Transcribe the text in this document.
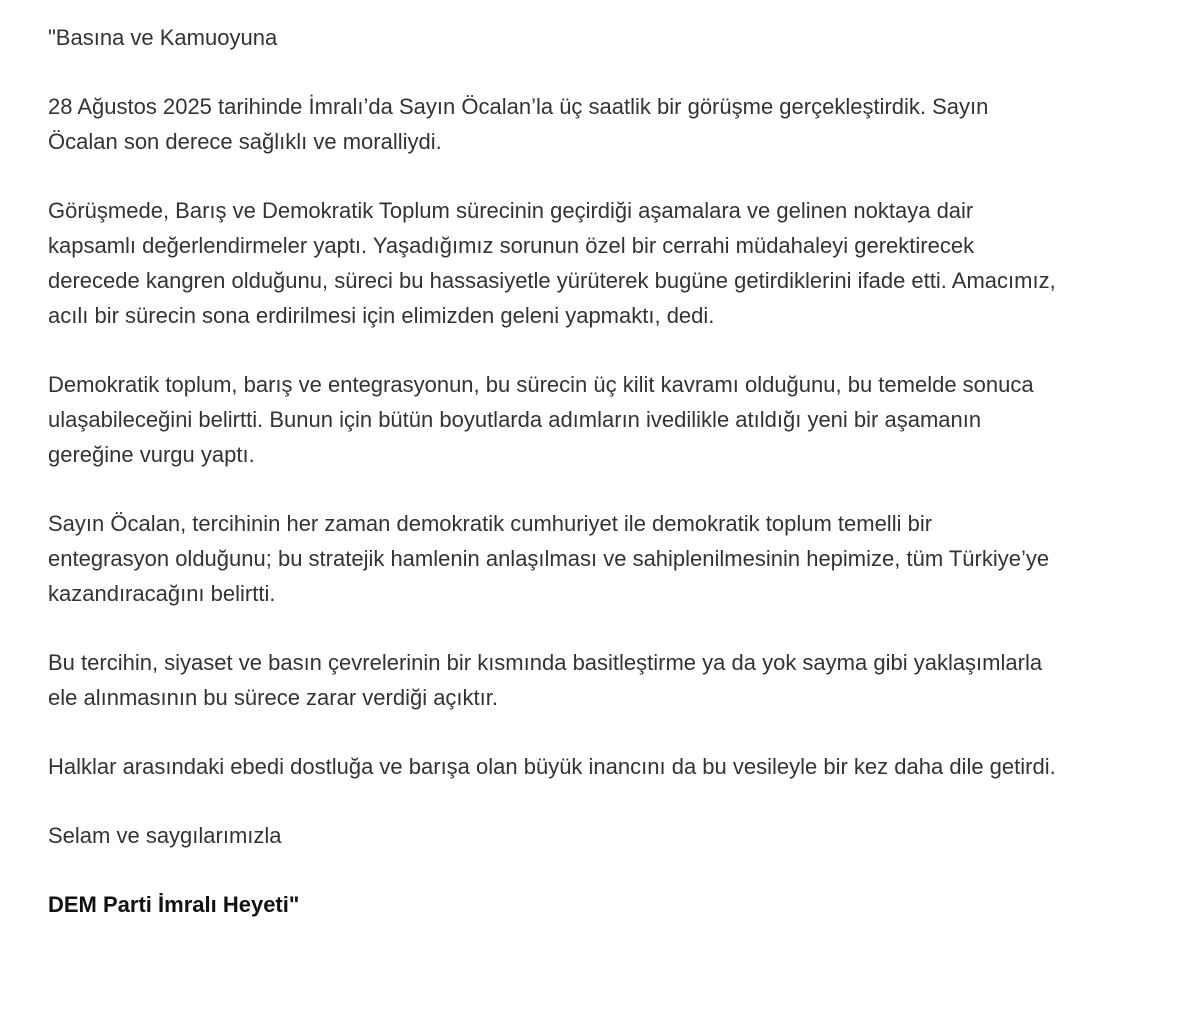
"Basına ve Kamuoyuna

28 Ağustos 2025 tarihinde İmralı’da Sayın Öcalan’la üç saatlik bir görüşme gerçekleştirdik. Sayın Öcalan son derece sağlıklı ve moralliydi.

Görüşmede, Barış ve Demokratik Toplum sürecinin geçirdiği aşamalara ve gelinen noktaya dair kapsamlı değerlendirmeler yaptı. Yaşadığımız sorunun özel bir cerrahi müdahaleyi gerektirecek derecede kangren olduğunu, süreci bu hassasiyetle yürüterek bugüne getirdiklerini ifade etti. Amacımız, acılı bir sürecin sona erdirilmesi için elimizden geleni yapmaktı, dedi.

Demokratik toplum, barış ve entegrasyonun, bu sürecin üç kilit kavramı olduğunu, bu temelde sonuca ulaşabileceğini belirtti. Bunun için bütün boyutlarda adımların ivedilikle atıldığı yeni bir aşamanın gereğine vurgu yaptı.

Sayın Öcalan, tercihinin her zaman demokratik cumhuriyet ile demokratik toplum temelli bir entegrasyon olduğunu; bu stratejik hamlenin anlaşılması ve sahiplenilmesinin hepimize, tüm Türkiye’ye kazandıracağını belirtti.

Bu tercihin, siyaset ve basın çevrelerinin bir kısmında basitleştirme ya da yok sayma gibi yaklaşımlarla ele alınmasının bu sürece zarar verdiği açıktır.

Halklar arasındaki ebedi dostluğa ve barışa olan büyük inancını da bu vesileyle bir kez daha dile getirdi.

Selam ve saygılarımızla

DEM Parti İmralı Heyeti"
